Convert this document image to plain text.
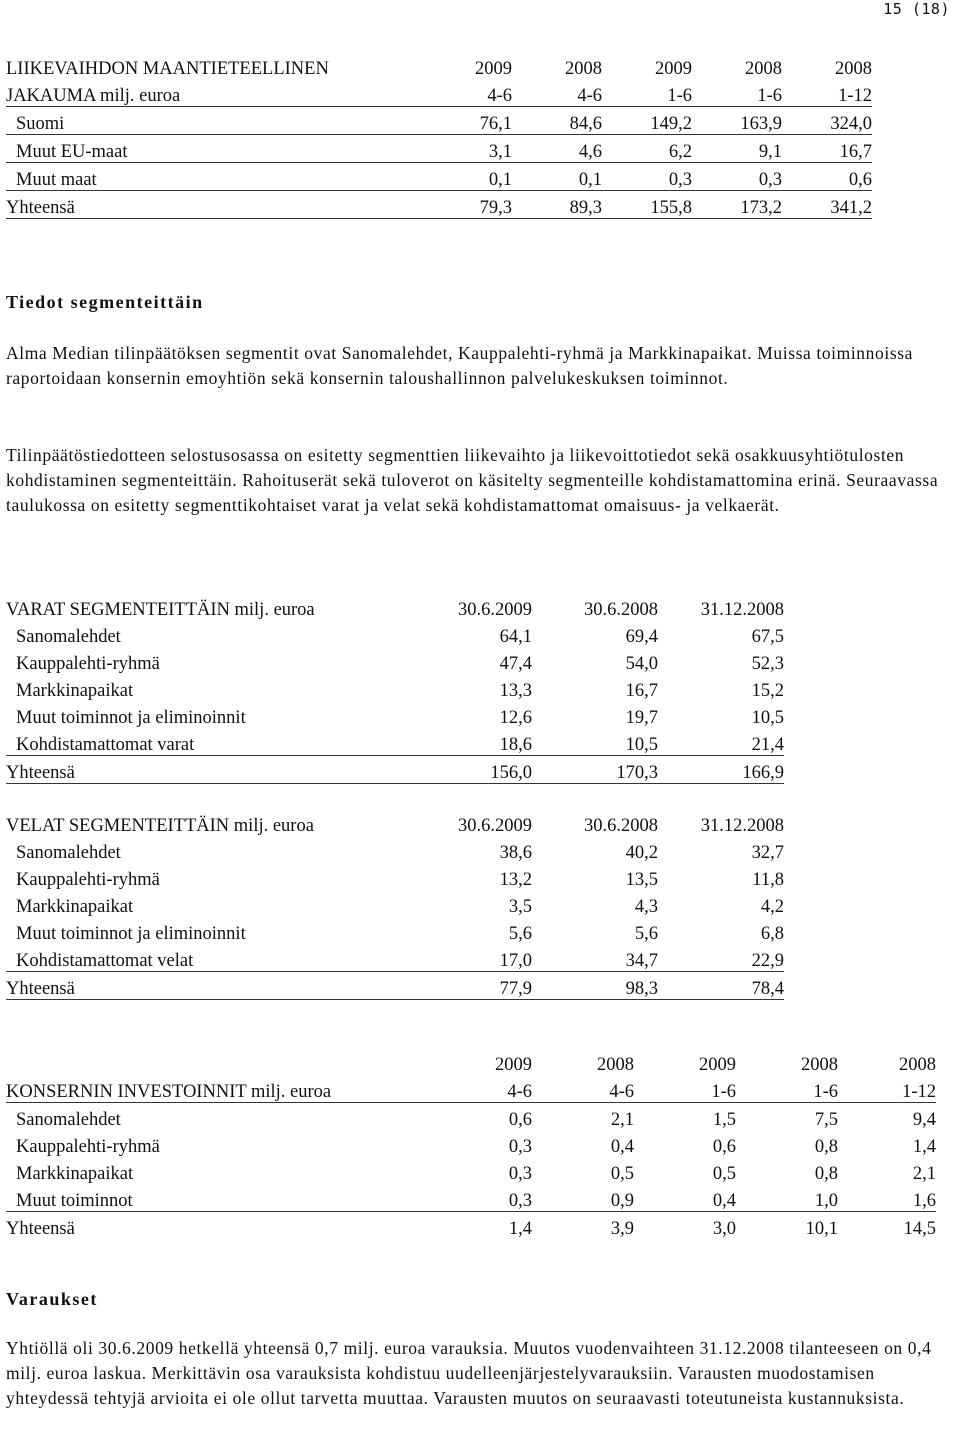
15 (18)
LIIKEVAIHDON MAANTIETEELLINEN	2009	2008	2009	2008	2008
JAKAUMA milj. euroa	4-6	4-6	1-6	1-6	1-12
Suomi	76,1	84,6	149,2	163,9	324,0
Muut EU-maat	3,1	4,6	6,2	9,1	16,7
Muut maat	0,1	0,1	0,3	0,3	0,6
Yhteensä	79,3	89,3	155,8	173,2	341,2
Tiedot segmenteittäin
Alma Median tilinpäätöksen segmentit ovat Sanomalehdet, Kauppalehti-ryhmä ja Markkinapaikat. Muissa toiminnoissa raportoidaan konsernin emoyhtiön sekä konsernin taloushallinnon palvelukeskuksen toiminnot.
Tilinpäätöstiedotteen selostusosassa on esitetty segmenttien liikevaihto ja liikevoittotiedot sekä osakkuusyhtiötulosten kohdistaminen segmenteittäin. Rahoituserät sekä tuloverot on käsitelty segmenteille kohdistamattomina erinä. Seuraavassa taulukossa on esitetty segmenttikohtaiset varat ja velat sekä kohdistamattomat omaisuus- ja velkaerät.
VARAT SEGMENTEITTÄIN milj. euroa	30.6.2009	30.6.2008	31.12.2008
Sanomalehdet	64,1	69,4	67,5
Kauppalehti-ryhmä	47,4	54,0	52,3
Markkinapaikat	13,3	16,7	15,2
Muut toiminnot ja eliminoinnit	12,6	19,7	10,5
Kohdistamattomat varat	18,6	10,5	21,4
Yhteensä	156,0	170,3	166,9
VELAT SEGMENTEITTÄIN milj. euroa	30.6.2009	30.6.2008	31.12.2008
Sanomalehdet	38,6	40,2	32,7
Kauppalehti-ryhmä	13,2	13,5	11,8
Markkinapaikat	3,5	4,3	4,2
Muut toiminnot ja eliminoinnit	5,6	5,6	6,8
Kohdistamattomat velat	17,0	34,7	22,9
Yhteensä	77,9	98,3	78,4
	2009	2008	2009	2008	2008
KONSERNIN INVESTOINNIT milj. euroa	4-6	4-6	1-6	1-6	1-12
Sanomalehdet	0,6	2,1	1,5	7,5	9,4
Kauppalehti-ryhmä	0,3	0,4	0,6	0,8	1,4
Markkinapaikat	0,3	0,5	0,5	0,8	2,1
Muut toiminnot	0,3	0,9	0,4	1,0	1,6
Yhteensä	1,4	3,9	3,0	10,1	14,5
Varaukset
Yhtiöllä oli 30.6.2009 hetkellä yhteensä 0,7 milj. euroa varauksia. Muutos vuodenvaihteen 31.12.2008 tilanteeseen on 0,4 milj. euroa laskua. Merkittävin osa varauksista kohdistuu uudelleenjärjestelyvarauksiin. Varausten muodostamisen yhteydessä tehtyjä arvioita ei ole ollut tarvetta muuttaa. Varausten muutos on seuraavasti toteutuneista kustannuksista.
